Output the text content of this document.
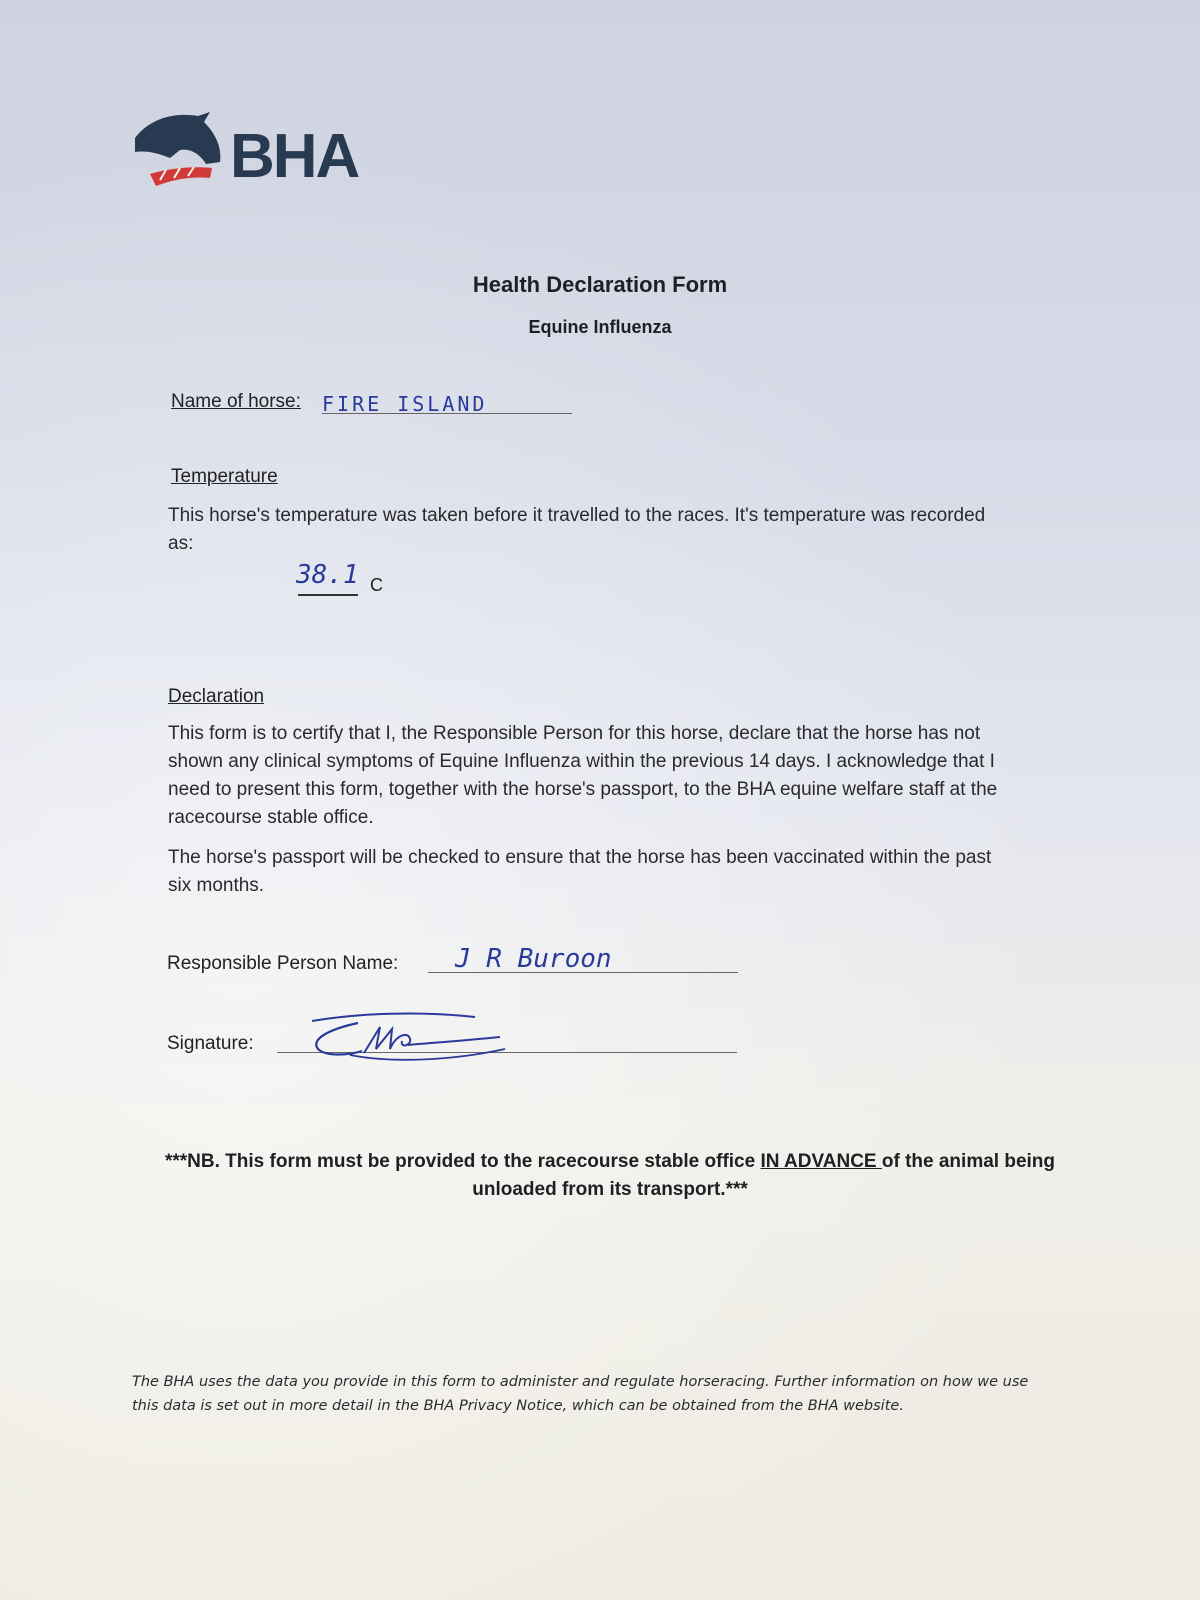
BHA
Health Declaration Form
Equine Influenza
Name of horse: FIRE ISLAND
Temperature

This horse's temperature was taken before it travelled to the races. It's temperature was recorded as:

38.1 C
Declaration

This form is to certify that I, the Responsible Person for this horse, declare that the horse has not shown any clinical symptoms of Equine Influenza within the previous 14 days. I acknowledge that I need to present this form, together with the horse's passport, to the BHA equine welfare staff at the racecourse stable office.

The horse's passport will be checked to ensure that the horse has been vaccinated within the past six months.

Responsible Person Name: J R Buroon
Signature:
***NB. This form must be provided to the racecourse stable office IN ADVANCE of the animal being unloaded from its transport.***
The BHA uses the data you provide in this form to administer and regulate horseracing. Further information on how we use this data is set out in more detail in the BHA Privacy Notice, which can be obtained from the BHA website.
